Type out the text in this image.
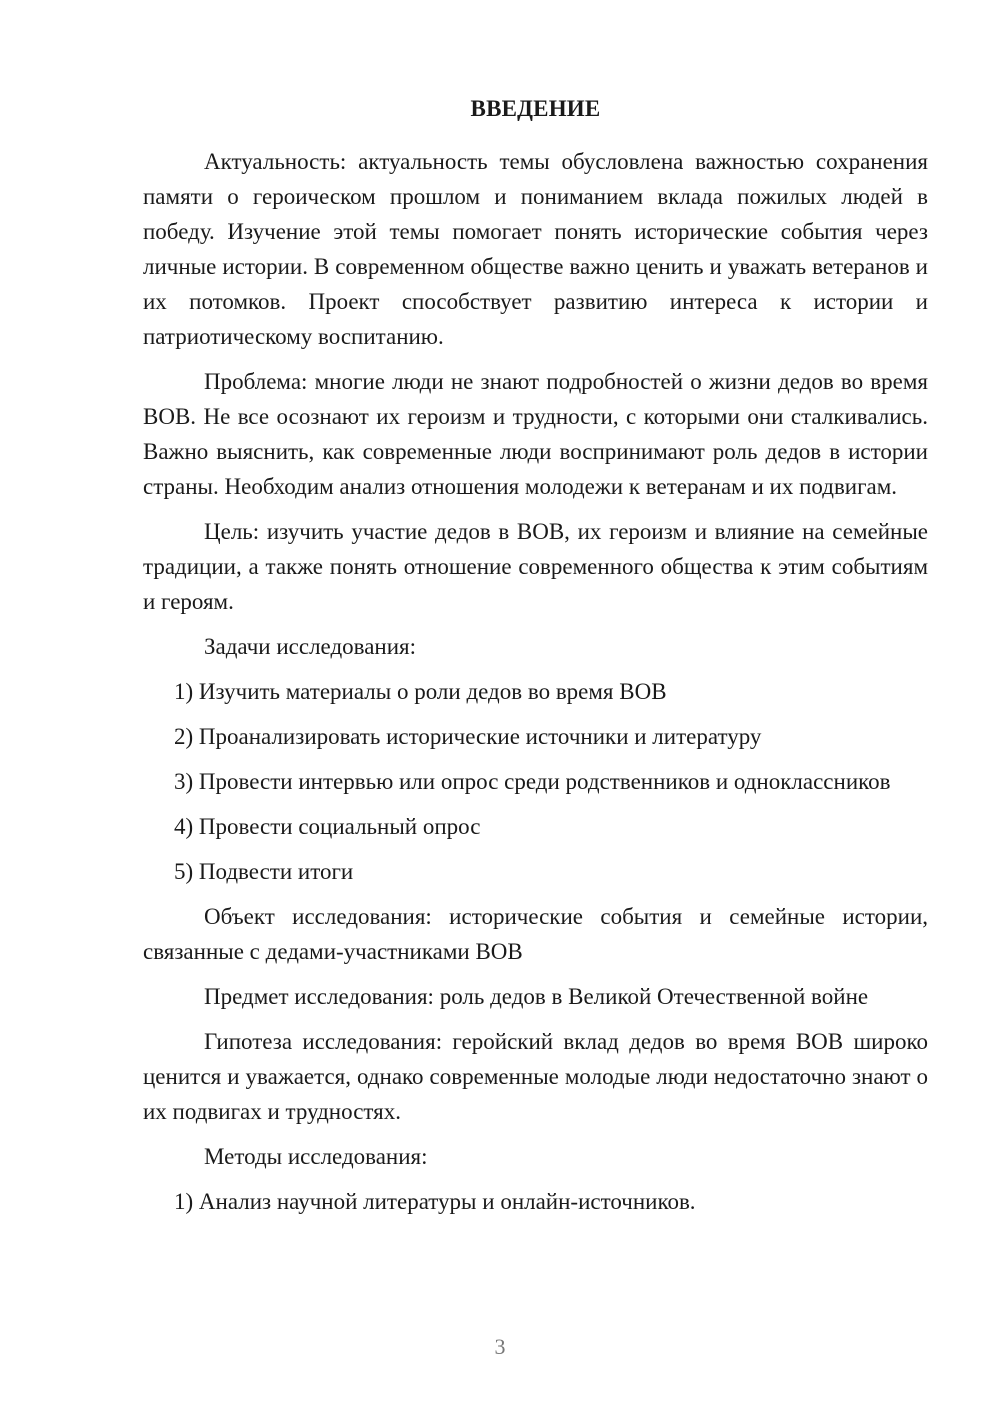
ВВЕДЕНИЕ

Актуальность: актуальность темы обусловлена важностью сохранения памяти о героическом прошлом и пониманием вклада пожилых людей в победу. Изучение этой темы помогает понять исторические события через личные истории. В современном обществе важно ценить и уважать ветеранов и их потомков. Проект способствует развитию интереса к истории и патриотическому воспитанию.

Проблема: многие люди не знают подробностей о жизни дедов во время ВОВ. Не все осознают их героизм и трудности, с которыми они сталкивались. Важно выяснить, как современные люди воспринимают роль дедов в истории страны. Необходим анализ отношения молодежи к ветеранам и их подвигам.

Цель: изучить участие дедов в ВОВ, их героизм и влияние на семейные традиции, а также понять отношение современного общества к этим событиям и героям.

Задачи исследования:

1) Изучить материалы о роли дедов во время ВОВ

2) Проанализировать исторические источники и литературу

3) Провести интервью или опрос среди родственников и одноклассников

4) Провести социальный опрос

5) Подвести итоги

Объект исследования: исторические события и семейные истории, связанные с дедами-участниками ВОВ

Предмет исследования: роль дедов в Великой Отечественной войне

Гипотеза исследования: геройский вклад дедов во время ВОВ широко ценится и уважается, однако современные молодые люди недостаточно знают о их подвигах и трудностях.

Методы исследования:

1) Анализ научной литературы и онлайн-источников.

3
